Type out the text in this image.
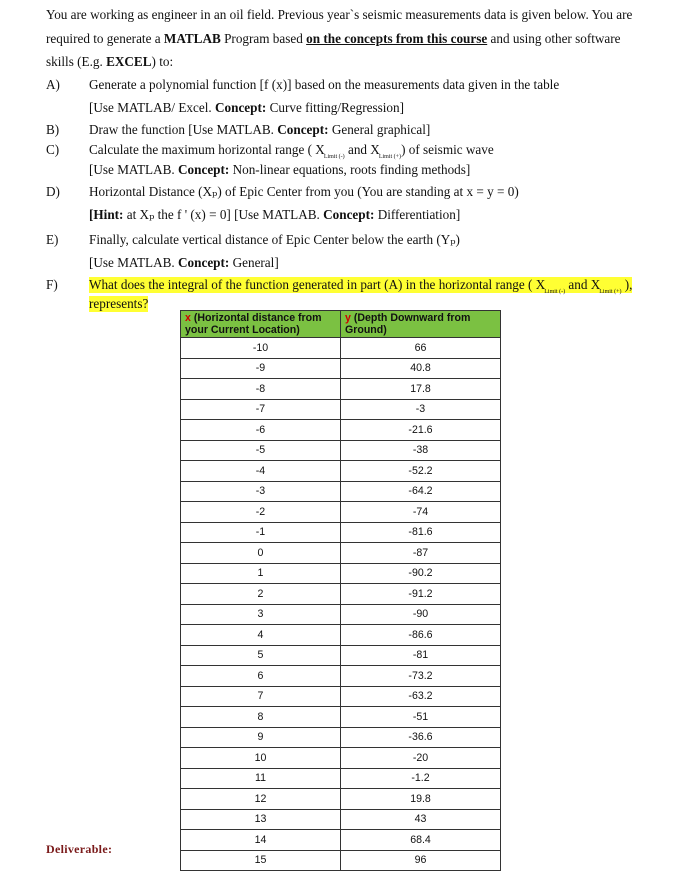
You are working as engineer in an oil field. Previous year`s seismic measurements data is given below. You are
required to generate a MATLAB Program based on the concepts from this course and using other software
skills (E.g. EXCEL) to:
A)	Generate a polynomial function [f (x)] based on the measurements data given in the table
[Use MATLAB/ Excel. Concept: Curve fitting/Regression]
B)	Draw the function [Use MATLAB. Concept: General graphical]
C)	Calculate the maximum horizontal range ( $X_{Limit (-)}$ and $X_{Limit (+)}$) of seismic wave
[Use MATLAB. Concept: Non-linear equations, roots finding methods]
D)	Horizontal Distance (Xₚ) of Epic Center from you (You are standing at x = y = 0)
[Hint: at Xₚ the f ' (x) = 0] [Use MATLAB. Concept: Differentiation]
E)	Finally, calculate vertical distance of Epic Center below the earth (Yₚ)
[Use MATLAB. Concept: General]
F)	What does the integral of the function generated in part (A) in the horizontal range ( $X_{Limit (-)}$ and $X_{Limit (+)}$ ),
represents?
x (Horizontal distance from your Current Location)	y (Depth Downward from Ground)
-10	66
-9	40.8
-8	17.8
-7	-3
-6	-21.6
-5	-38
-4	-52.2
-3	-64.2
-2	-74
-1	-81.6
0	-87
1	-90.2
2	-91.2
3	-90
4	-86.6
5	-81
6	-73.2
7	-63.2
8	-51
9	-36.6
10	-20
11	-1.2
12	19.8
13	43
14	68.4
15	96
Deliverable:
